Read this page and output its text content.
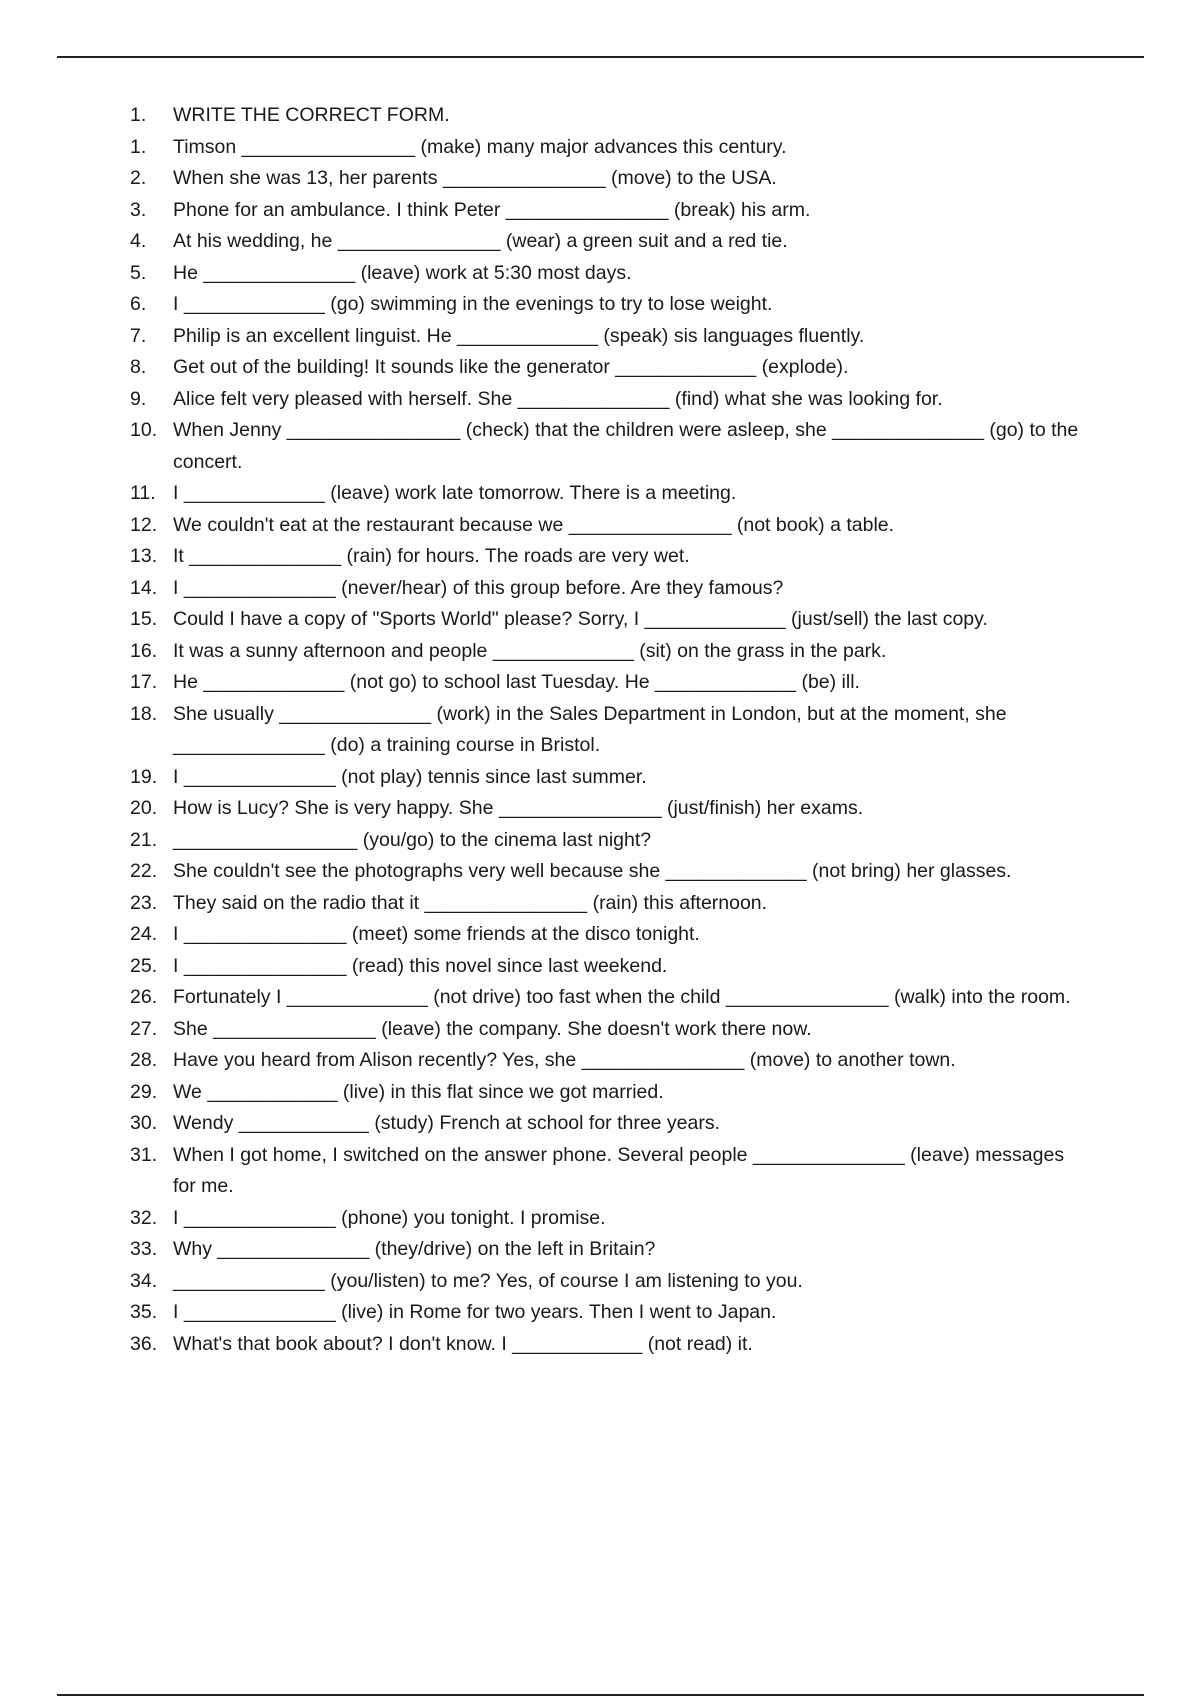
1.	WRITE THE CORRECT FORM.
1.	Timson ________________ (make) many major advances this century.
2.	When she was 13, her parents _______________ (move) to the USA.
3.	Phone for an ambulance. I think Peter _______________ (break) his arm.
4.	At his wedding, he _______________ (wear) a green suit and a red tie.
5.	He ______________ (leave) work at 5:30 most days.
6.	I _____________ (go) swimming in the evenings to try to lose weight.
7.	Philip is an excellent linguist. He _____________ (speak) sis languages fluently.
8.	Get out of the building! It sounds like the generator _____________ (explode).
9.	Alice felt very pleased with herself. She ______________ (find) what she was looking for.
10. When Jenny ________________ (check) that the children were asleep, she ______________ (go) to the
concert.
11. I _____________ (leave) work late tomorrow. There is a meeting.
12. We couldn't eat at the restaurant because we _______________ (not book) a table.
13. It ______________ (rain) for hours. The roads are very wet.
14. I ______________ (never/hear) of this group before. Are they famous?
15. Could I have a copy of "Sports World" please? Sorry, I _____________ (just/sell) the last copy.
16. It was a sunny afternoon and people _____________ (sit) on the grass in the park.
17. He _____________ (not go) to school last Tuesday. He _____________ (be) ill.
18. She usually ______________ (work) in the Sales Department in London, but at the moment, she
______________ (do) a training course in Bristol.
19. I ______________ (not play) tennis since last summer.
20. How is Lucy? She is very happy. She _______________ (just/finish) her exams.
21. _________________ (you/go) to the cinema last night?
22. She couldn't see the photographs very well because she _____________ (not bring) her glasses.
23. They said on the radio that it _______________ (rain) this afternoon.
24. I _______________ (meet) some friends at the disco tonight.
25. I _______________ (read) this novel since last weekend.
26. Fortunately I _____________ (not drive) too fast when the child _______________ (walk) into the room.
27. She _______________ (leave) the company. She doesn't work there now.
28. Have you heard from Alison recently? Yes, she _______________ (move) to another town.
29. We ____________ (live) in this flat since we got married.
30. Wendy ____________ (study) French at school for three years.
31. When I got home, I switched on the answer phone. Several people ______________ (leave) messages
for me.
32. I ______________ (phone) you tonight. I promise.
33. Why ______________ (they/drive) on the left in Britain?
34. ______________ (you/listen) to me? Yes, of course I am listening to you.
35. I ______________ (live) in Rome for two years. Then I went to Japan.
36. What's that book about? I don't know. I ____________ (not read) it.
